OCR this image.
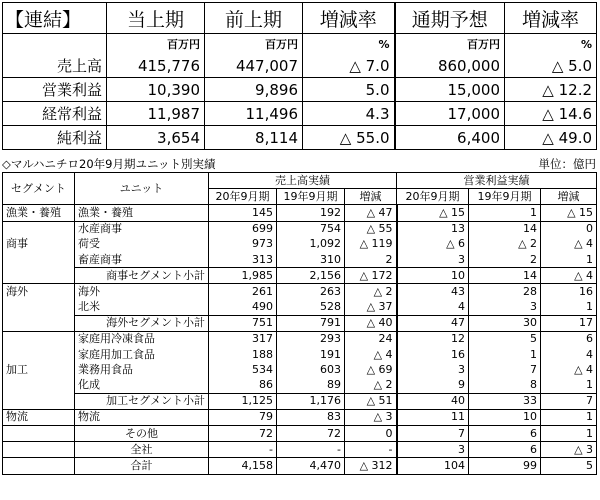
【連結】	当上期	前上期	増減率	通期予想	増減率
	百万円	百万円	%	百万円	%
売上高	415,776	447,007	△ 7.0	860,000	△ 5.0
営業利益	10,390	9,896	5.0	15,000	△ 12.2
経常利益	11,987	11,496	4.3	17,000	△ 14.6
純利益	3,654	8,114	△ 55.0	6,400	△ 49.0
◇マルハニチロ20年9月期ユニット別実績	単位：億円
セグメント	ユニット	売上高実績			営業利益実績		
		20年9月期	19年9月期	増減	20年9月期	19年9月期	増減
漁業・養殖	漁業・養殖	145	192	△ 47	△ 15	1	△ 15
	水産商事	699	754	△ 55	13	14	0
商事	荷受	973	1,092	△ 119	△ 6	△ 2	△ 4
	畜産商事	313	310	2	3	2	1
	商事セグメント小計	1,985	2,156	△ 172	10	14	△ 4
海外	海外	261	263	△ 2	43	28	16
	北米	490	528	△ 37	4	3	1
	海外セグメント小計	751	791	△ 40	47	30	17
	家庭用冷凍食品	317	293	24	12	5	6
	家庭用加工食品	188	191	△ 4	16	1	4
加工	業務用食品	534	603	△ 69	3	7	△ 4
	化成	86	89	△ 2	9	8	1
	加工セグメント小計	1,125	1,176	△ 51	40	33	7
物流	物流	79	83	△ 3	11	10	1
	その他	72	72	0	7	6	1
	全社	-	-	-	3	6	△ 3
	合計	4,158	4,470	△ 312	104	99	5
